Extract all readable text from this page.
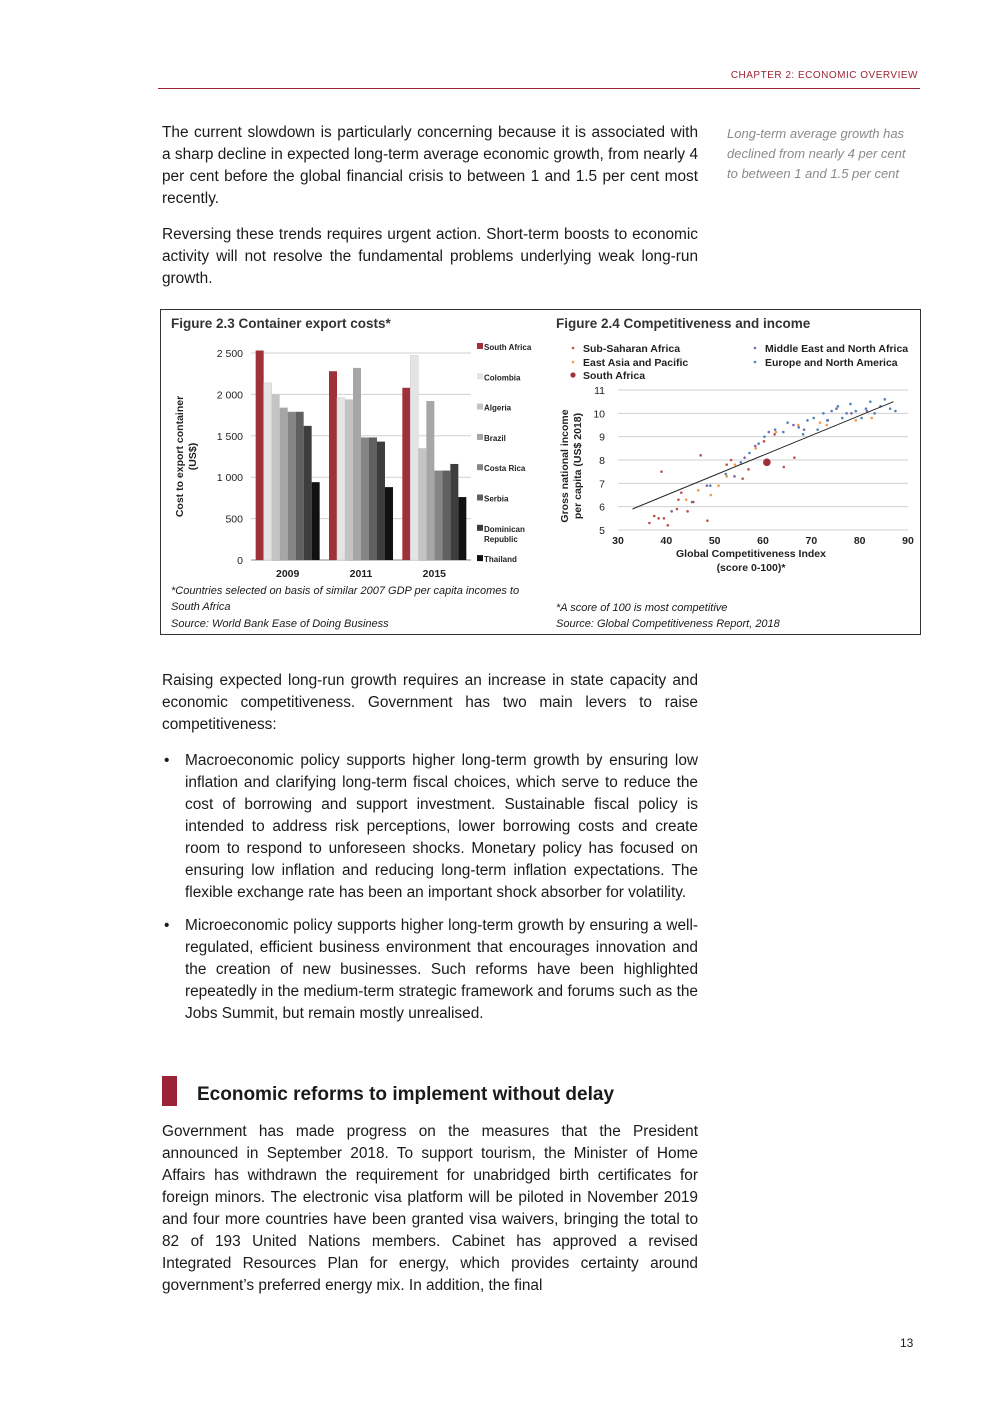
CHAPTER 2: ECONOMIC OVERVIEW

The current slowdown is particularly concerning because it is associated with a sharp decline in expected long-term average economic growth, from nearly 4 per cent before the global financial crisis to between 1 and 1.5 per cent most recently.

Reversing these trends requires urgent action. Short-term boosts to economic activity will not resolve the fundamental problems underlying weak long-run growth.

Long-term average growth has declined from nearly 4 per cent to between 1 and 1.5 per cent
Figure 2.3 Container export costs*	Figure 2.4 Competitiveness and income
0
500
1 000
1 500
2 000
2 500
Cost to export container(US$)
2009	2011	2015
South Africa
Colombia
Algeria
Brazil
Costa Rica
Serbia
Dominican Republic
Thailand
5
6
7
8
9
10
11
30	40	50	60	70	80	90
Gross national incomeper capita (US$ 2018)
Global Competitiveness Index (score 0-100)*
Sub-Saharan Africa
East Asia and Pacific
Middle East and North Africa
Europe and North America
South Africa
*Countries selected on basis of similar 2007 GDP per capita incomes to South Africa
Source: World Bank Ease of Doing Business
*A score of 100 is most competitive
Source: Global Competitiveness Report, 2018

Raising expected long-run growth requires an increase in state capacity and economic competitiveness. Government has two main levers to raise competitiveness:

• Macroeconomic policy supports higher long-term growth by ensuring low inflation and clarifying long-term fiscal choices, which serve to reduce the cost of borrowing and support investment. Sustainable fiscal policy is intended to address risk perceptions, lower borrowing costs and create room to respond to unforeseen shocks. Monetary policy has focused on ensuring low inflation and reducing long-term inflation expectations. The flexible exchange rate has been an important shock absorber for volatility.
• Microeconomic policy supports higher long-term growth by ensuring a well-regulated, efficient business environment that encourages innovation and the creation of new businesses. Such reforms have been highlighted repeatedly in the medium-term strategic framework and forums such as the Jobs Summit, but remain mostly unrealised.
Economic reforms to implement without delay

Government has made progress on the measures that the President announced in September 2018. To support tourism, the Minister of Home Affairs has withdrawn the requirement for unabridged birth certificates for foreign minors. The electronic visa platform will be piloted in November 2019 and four more countries have been granted visa waivers, bringing the total to 82 of 193 United Nations members. Cabinet has approved a revised Integrated Resources Plan for energy, which provides certainty around government’s preferred energy mix. In addition, the final

13
